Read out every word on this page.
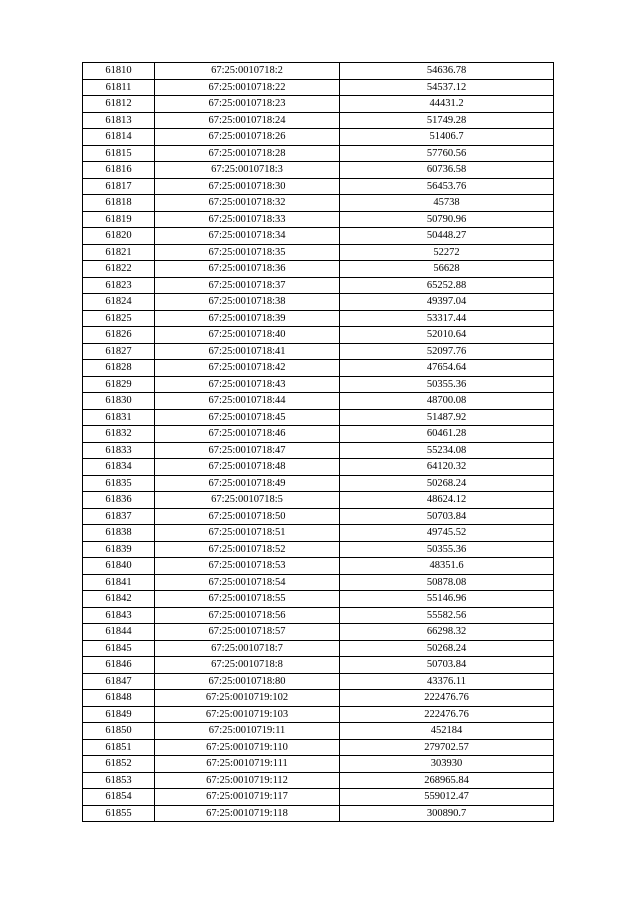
61810	67:25:0010718:2	54636.78
61811	67:25:0010718:22	54537.12
61812	67:25:0010718:23	44431.2
61813	67:25:0010718:24	51749.28
61814	67:25:0010718:26	51406.7
61815	67:25:0010718:28	57760.56
61816	67:25:0010718:3	60736.58
61817	67:25:0010718:30	56453.76
61818	67:25:0010718:32	45738
61819	67:25:0010718:33	50790.96
61820	67:25:0010718:34	50448.27
61821	67:25:0010718:35	52272
61822	67:25:0010718:36	56628
61823	67:25:0010718:37	65252.88
61824	67:25:0010718:38	49397.04
61825	67:25:0010718:39	53317.44
61826	67:25:0010718:40	52010.64
61827	67:25:0010718:41	52097.76
61828	67:25:0010718:42	47654.64
61829	67:25:0010718:43	50355.36
61830	67:25:0010718:44	48700.08
61831	67:25:0010718:45	51487.92
61832	67:25:0010718:46	60461.28
61833	67:25:0010718:47	55234.08
61834	67:25:0010718:48	64120.32
61835	67:25:0010718:49	50268.24
61836	67:25:0010718:5	48624.12
61837	67:25:0010718:50	50703.84
61838	67:25:0010718:51	49745.52
61839	67:25:0010718:52	50355.36
61840	67:25:0010718:53	48351.6
61841	67:25:0010718:54	50878.08
61842	67:25:0010718:55	55146.96
61843	67:25:0010718:56	55582.56
61844	67:25:0010718:57	66298.32
61845	67:25:0010718:7	50268.24
61846	67:25:0010718:8	50703.84
61847	67:25:0010718:80	43376.11
61848	67:25:0010719:102	222476.76
61849	67:25:0010719:103	222476.76
61850	67:25:0010719:11	452184
61851	67:25:0010719:110	279702.57
61852	67:25:0010719:111	303930
61853	67:25:0010719:112	268965.84
61854	67:25:0010719:117	559012.47
61855	67:25:0010719:118	300890.7
